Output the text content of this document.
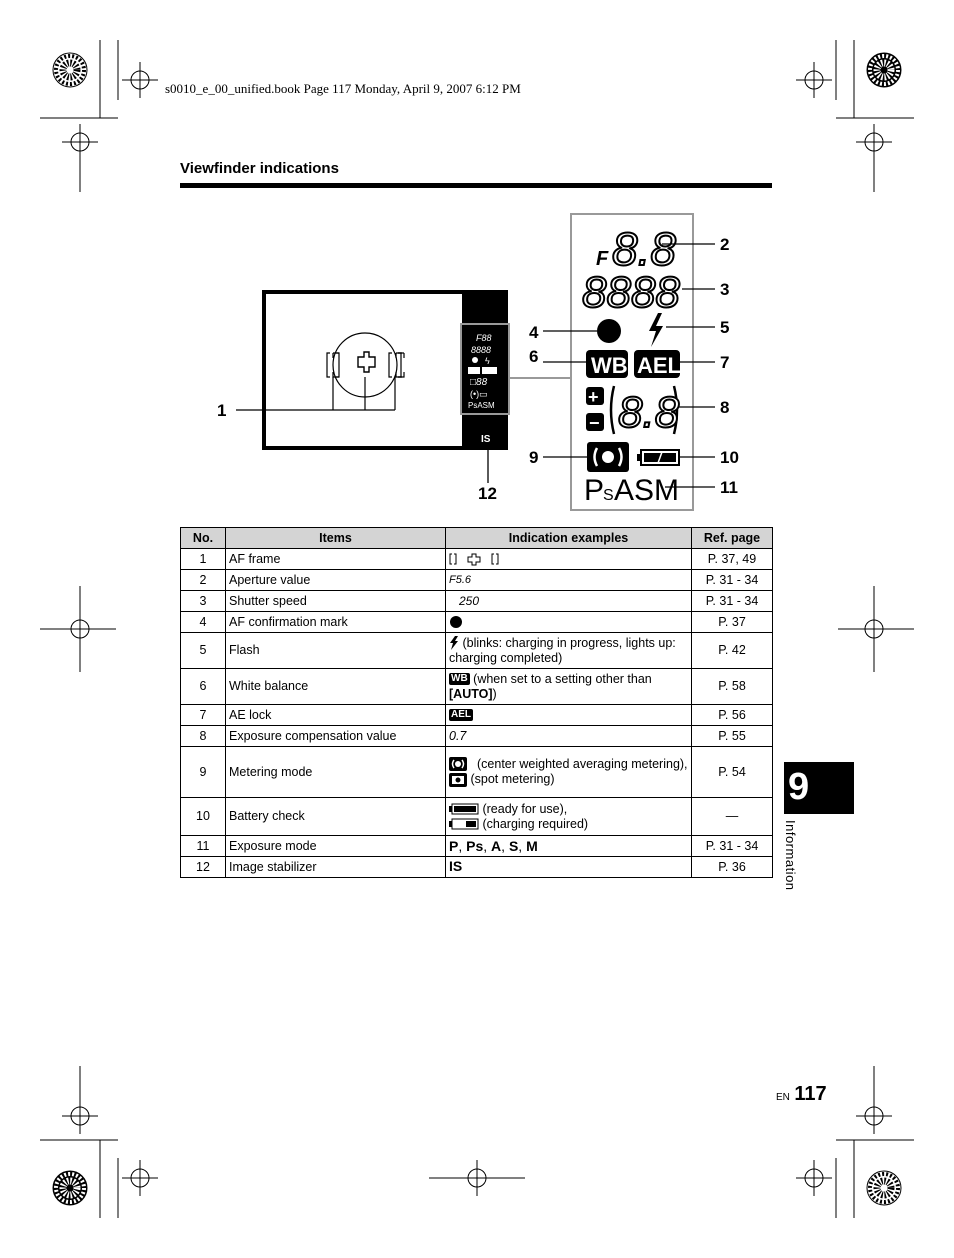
s0010_e_00_unified.book Page 117 Monday, April 9, 2007 6:12 PM
Viewfinder indications
F88
8888
ϟ
□88
(•)▭
PsASM
IS
F 8.8
8888
WB AEL
+
− 8.8
P
S ASM
1
2
3
4	5
6	7
8
9	10
11
12
No.	Items	Indication examples	Ref. page
1	AF frame		P. 37, 49
2	Aperture value	F5.6	P. 31 - 34
3	Shutter speed	250	P. 31 - 34
4	AF confirmation mark		P. 37
5	Flash	(blinks: charging in progress, lights up: charging completed)	P. 42
6	White balance	WB (when set to a setting other than [AUTO])	P. 58
7	AE lock	AEL	P. 56
8	Exposure compensation value	0.7	P. 55
9	Metering mode	(center weighted averaging metering),
(spot metering)	P. 54
10	Battery check	(ready for use),
(charging required)	—
11	Exposure mode	P, Ps, A, S, M	P. 31 - 34
12	Image stabilizer	IS	P. 36
9
Information
EN 117
